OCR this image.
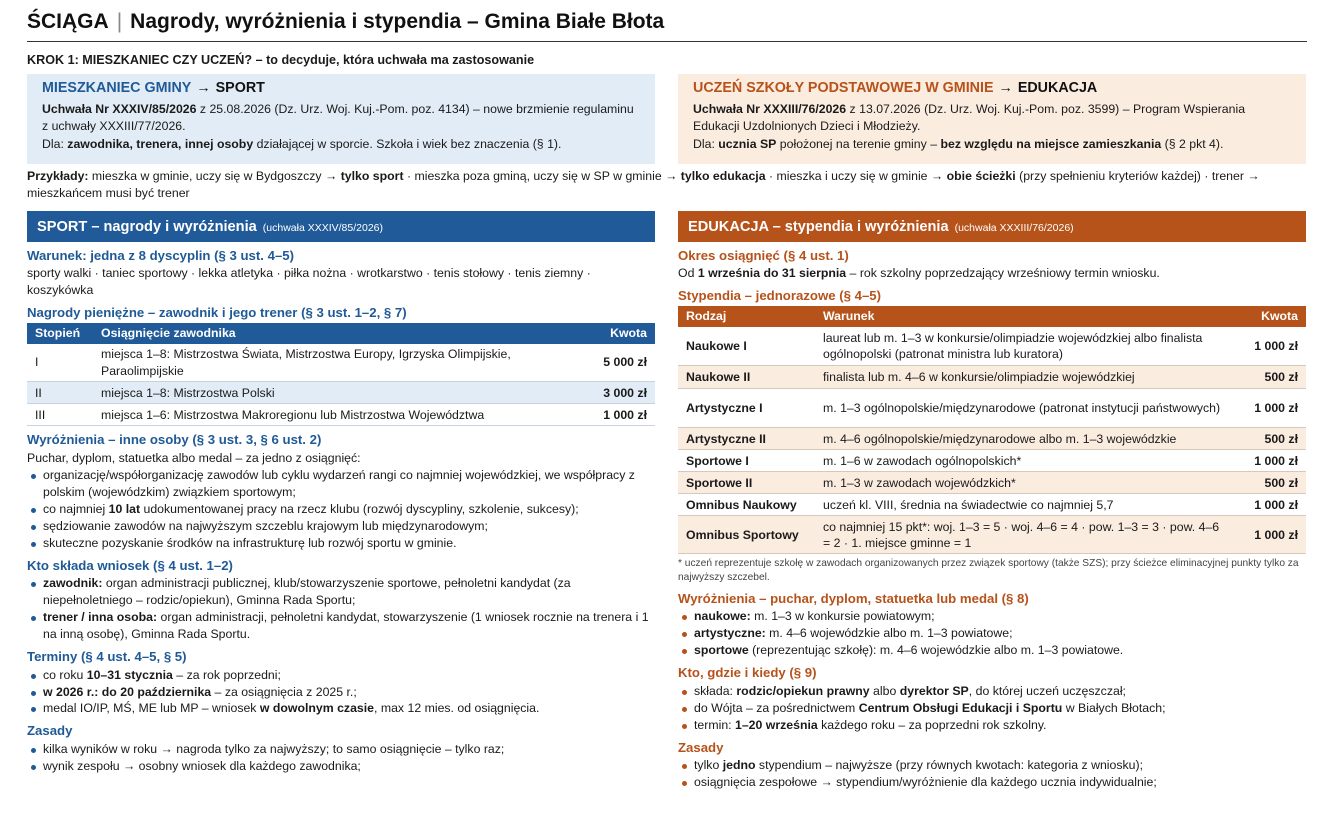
ŚCIĄGA | Nagrody, wyróżnienia i stypendia – Gmina Białe Błota
KROK 1: MIESZKANIEC CZY UCZEŃ? – to decyduje, która uchwała ma zastosowanie
MIESZKANIEC GMINY → SPORT

Uchwała Nr XXXIV/85/2026 z 25.08.2026 (Dz. Urz. Woj. Kuj.-Pom. poz. 4134) – nowe brzmienie regulaminu z uchwały XXXIII/77/2026.

Dla: zawodnika, trenera, innej osoby działającej w sporcie. Szkoła i wiek bez znaczenia (§ 1).

UCZEŃ SZKOŁY PODSTAWOWEJ W GMINIE → EDUKACJA

Uchwała Nr XXXIII/76/2026 z 13.07.2026 (Dz. Urz. Woj. Kuj.-Pom. poz. 3599) – Program Wspierania Edukacji Uzdolnionych Dzieci i Młodzieży.

Dla: ucznia SP położonej na terenie gminy – bez względu na miejsce zamieszkania (§ 2 pkt 4).

Przykłady: mieszka w gminie, uczy się w Bydgoszczy → tylko sport · mieszka poza gminą, uczy się w SP w gminie → tylko edukacja · mieszka i uczy się w gminie → obie ścieżki (przy spełnieniu kryteriów każdej) · trener → mieszkańcem musi być trener
SPORT – nagrody i wyróżnienia (uchwała XXXIV/85/2026)
Warunek: jedna z 8 dyscyplin (§ 3 ust. 4–5)

sporty walki · taniec sportowy · lekka atletyka · piłka nożna · wrotkarstwo · tenis stołowy · tenis ziemny · koszykówka

Nagrody pieniężne – zawodnik i jego trener (§ 3 ust. 1–2, § 7)
Stopień	Osiągnięcie zawodnika	Kwota
I	miejsca 1–8: Mistrzostwa Świata, Mistrzostwa Europy, Igrzyska Olimpijskie, Paraolimpijskie	5 000 zł
II	miejsca 1–8: Mistrzostwa Polski	3 000 zł
III	miejsca 1–6: Mistrzostwa Makroregionu lub Mistrzostwa Województwa	1 000 zł
Wyróżnienia – inne osoby (§ 3 ust. 3, § 6 ust. 2)

Puchar, dyplom, statuetka albo medal – za jedno z osiągnięć:

organizację/współorganizację zawodów lub cyklu wydarzeń rangi co najmniej wojewódzkiej, we współpracy z polskim (wojewódzkim) związkiem sportowym;
co najmniej 10 lat udokumentowanej pracy na rzecz klubu (rozwój dyscypliny, szkolenie, sukcesy);
sędziowanie zawodów na najwyższym szczeblu krajowym lub międzynarodowym;
skuteczne pozyskanie środków na infrastrukturę lub rozwój sportu w gminie.
Kto składa wniosek (§ 4 ust. 1–2)
zawodnik: organ administracji publicznej, klub/stowarzyszenie sportowe, pełnoletni kandydat (za niepełnoletniego – rodzic/opiekun), Gminna Rada Sportu;
trener / inna osoba: organ administracji, pełnoletni kandydat, stowarzyszenie (1 wniosek rocznie na trenera i 1 na inną osobę), Gminna Rada Sportu.
Terminy (§ 4 ust. 4–5, § 5)
co roku 10–31 stycznia – za rok poprzedni;
w 2026 r.: do 20 października – za osiągnięcia z 2025 r.;
medal IO/IP, MŚ, ME lub MP – wniosek w dowolnym czasie, max 12 mies. od osiągnięcia.
Zasady
kilka wyników w roku → nagroda tylko za najwyższy; to samo osiągnięcie – tylko raz;
wynik zespołu → osobny wniosek dla każdego zawodnika;
EDUKACJA – stypendia i wyróżnienia (uchwała XXXIII/76/2026)
Okres osiągnięć (§ 4 ust. 1)

Od 1 września do 31 sierpnia – rok szkolny poprzedzający wrześniowy termin wniosku.

Stypendia – jednorazowe (§ 4–5)
Rodzaj	Warunek	Kwota
Naukowe I	laureat lub m. 1–3 w konkursie/olimpiadzie wojewódzkiej albo finalista ogólnopolski (patronat ministra lub kuratora)	1 000 zł
Naukowe II	finalista lub m. 4–6 w konkursie/olimpiadzie wojewódzkiej	500 zł
Artystyczne I	m. 1–3 ogólnopolskie/międzynarodowe (patronat instytucji państwowych)	1 000 zł
Artystyczne II	m. 4–6 ogólnopolskie/międzynarodowe albo m. 1–3 wojewódzkie	500 zł
Sportowe I	m. 1–6 w zawodach ogólnopolskich*	1 000 zł
Sportowe II	m. 1–3 w zawodach wojewódzkich*	500 zł
Omnibus Naukowy	uczeń kl. VIII, średnia na świadectwie co najmniej 5,7	1 000 zł
Omnibus Sportowy	co najmniej 15 pkt*: woj. 1–3 = 5 · woj. 4–6 = 4 · pow. 1–3 = 3 · pow. 4–6 = 2 · 1. miejsce gminne = 1	1 000 zł

* uczeń reprezentuje szkołę w zawodach organizowanych przez związek sportowy (także SZS); przy ścieżce eliminacyjnej punkty tylko za najwyższy szczebel.

Wyróżnienia – puchar, dyplom, statuetka lub medal (§ 8)
naukowe: m. 1–3 w konkursie powiatowym;
artystyczne: m. 4–6 wojewódzkie albo m. 1–3 powiatowe;
sportowe (reprezentując szkołę): m. 4–6 wojewódzkie albo m. 1–3 powiatowe.
Kto, gdzie i kiedy (§ 9)
składa: rodzic/opiekun prawny albo dyrektor SP, do której uczeń uczęszczał;
do Wójta – za pośrednictwem Centrum Obsługi Edukacji i Sportu w Białych Błotach;
termin: 1–20 września każdego roku – za poprzedni rok szkolny.
Zasady
tylko jedno stypendium – najwyższe (przy równych kwotach: kategoria z wniosku);
osiągnięcia zespołowe → stypendium/wyróżnienie dla każdego ucznia indywidualnie;
